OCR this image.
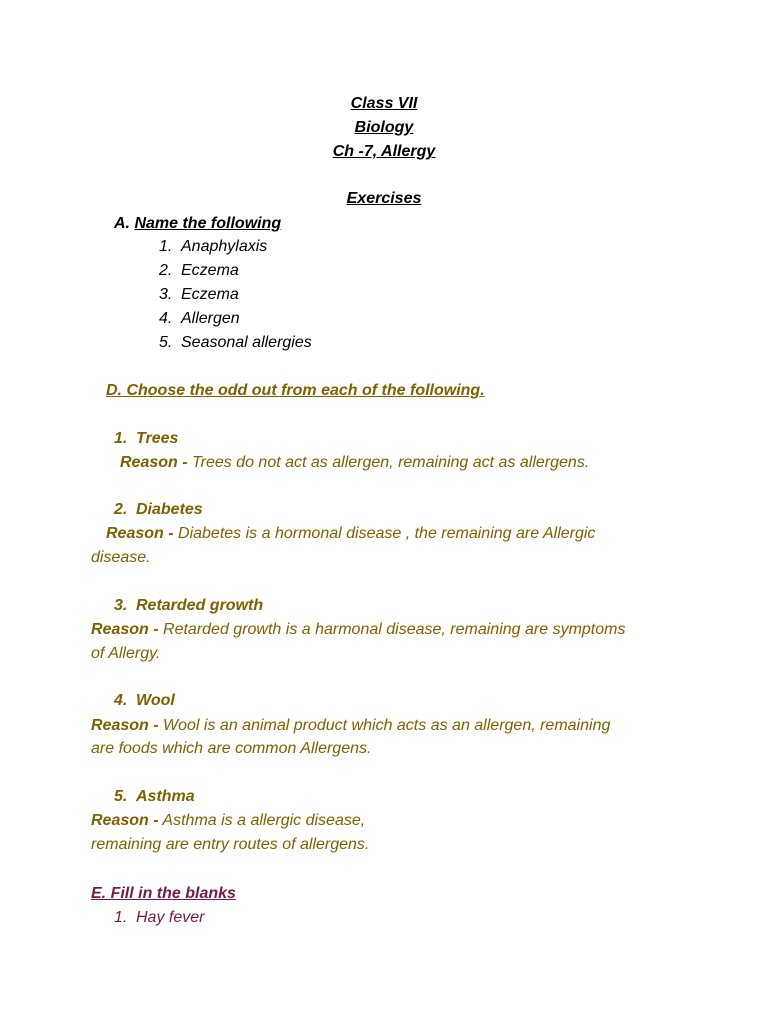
Class VII
Biology
Ch -7, Allergy
Exercises
A. Name the following
1. Anaphylaxis
2. Eczema
3. Eczema
4. Allergen
5. Seasonal allergies
D. Choose the odd out from each of the following.
1. Trees
Reason - Trees do not act as allergen, remaining act as allergens.
2. Diabetes
Reason - Diabetes is a hormonal disease , the remaining are Allergic
disease.
3. Retarded growth
Reason - Retarded growth is a harmonal disease, remaining are symptoms
of Allergy.
4. Wool
Reason - Wool is an animal product which acts as an allergen, remaining
are foods which are common Allergens.
5. Asthma
Reason - Asthma is a allergic disease,
remaining are entry routes of allergens.
E. Fill in the blanks
1. Hay fever
